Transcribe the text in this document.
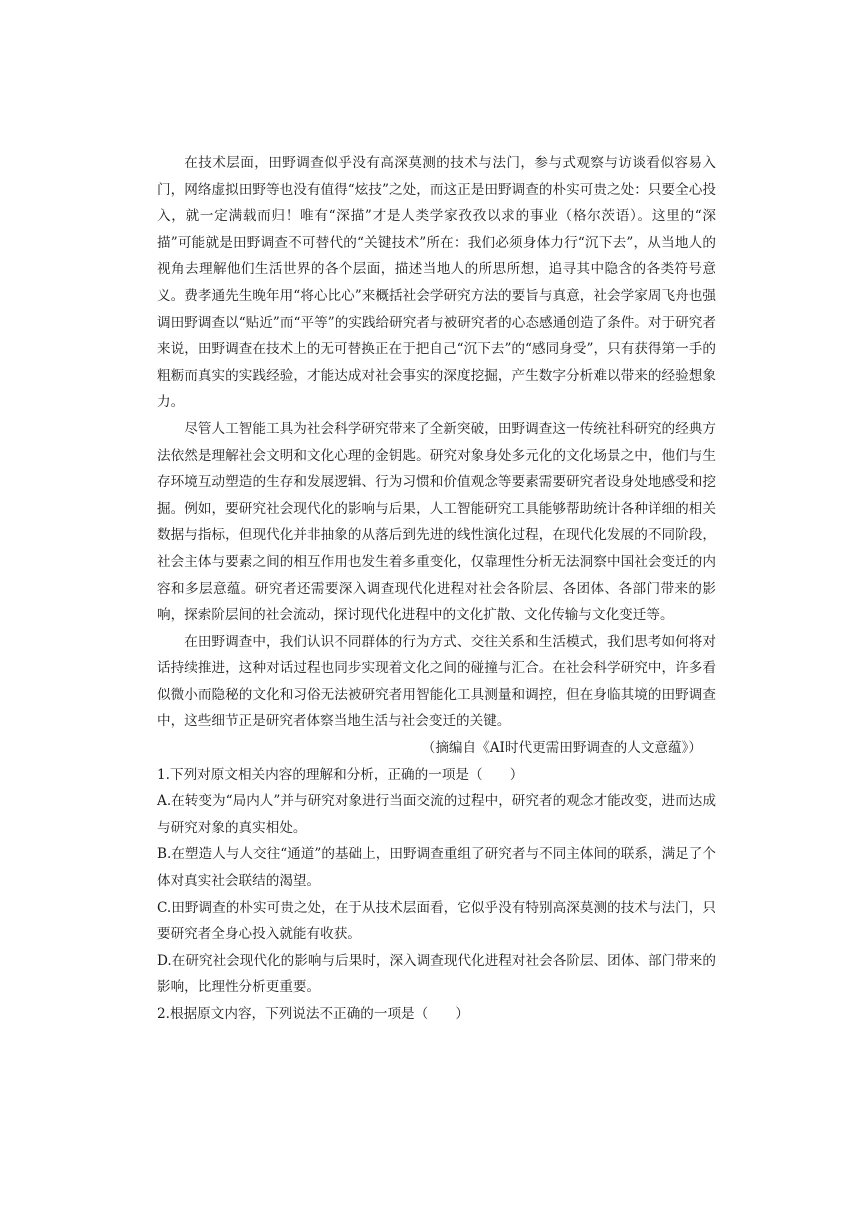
在技术层面，田野调查似乎没有高深莫测的技术与法门，参与式观察与访谈看似容易入门，网络虚拟田野等也没有值得“炫技”之处，而这正是田野调查的朴实可贵之处：只要全心投入，就一定满载而归！唯有“深描”才是人类学家孜孜以求的事业（格尔茨语）。这里的“深描”可能就是田野调查不可替代的“关键技术”所在：我们必须身体力行“沉下去”，从当地人的视角去理解他们生活世界的各个层面，描述当地人的所思所想，追寻其中隐含的各类符号意义。费孝通先生晚年用“将心比心”来概括社会学研究方法的要旨与真意，社会学家周飞舟也强调田野调查以“贴近”而“平等”的实践给研究者与被研究者的心态感通创造了条件。对于研究者来说，田野调查在技术上的无可替换正在于把自己“沉下去”的“感同身受”，只有获得第一手的粗粝而真实的实践经验，才能达成对社会事实的深度挖掘，产生数字分析难以带来的经验想象力。

尽管人工智能工具为社会科学研究带来了全新突破，田野调查这一传统社科研究的经典方法依然是理解社会文明和文化心理的金钥匙。研究对象身处多元化的文化场景之中，他们与生存环境互动塑造的生存和发展逻辑、行为习惯和价值观念等要素需要研究者设身处地感受和挖掘。例如，要研究社会现代化的影响与后果，人工智能研究工具能够帮助统计各种详细的相关数据与指标，但现代化并非抽象的从落后到先进的线性演化过程，在现代化发展的不同阶段，社会主体与要素之间的相互作用也发生着多重变化，仅靠理性分析无法洞察中国社会变迁的内容和多层意蕴。研究者还需要深入调查现代化进程对社会各阶层、各团体、各部门带来的影响，探索阶层间的社会流动，探讨现代化进程中的文化扩散、文化传输与文化变迁等。

在田野调查中，我们认识不同群体的行为方式、交往关系和生活模式，我们思考如何将对话持续推进，这种对话过程也同步实现着文化之间的碰撞与汇合。在社会科学研究中，许多看似微小而隐秘的文化和习俗无法被研究者用智能化工具测量和调控，但在身临其境的田野调查中，这些细节正是研究者体察当地生活与社会变迁的关键。

（摘编自《AI时代更需田野调查的人文意蕴》）

1.下列对原文相关内容的理解和分析，正确的一项是（　　）

A.在转变为“局内人”并与研究对象进行当面交流的过程中，研究者的观念才能改变，进而达成与研究对象的真实相处。

B.在塑造人与人交往“通道”的基础上，田野调查重组了研究者与不同主体间的联系，满足了个体对真实社会联结的渴望。

C.田野调查的朴实可贵之处，在于从技术层面看，它似乎没有特别高深莫测的技术与法门，只要研究者全身心投入就能有收获。

D.在研究社会现代化的影响与后果时，深入调查现代化进程对社会各阶层、团体、部门带来的影响，比理性分析更重要。

2.根据原文内容，下列说法不正确的一项是（　　）
